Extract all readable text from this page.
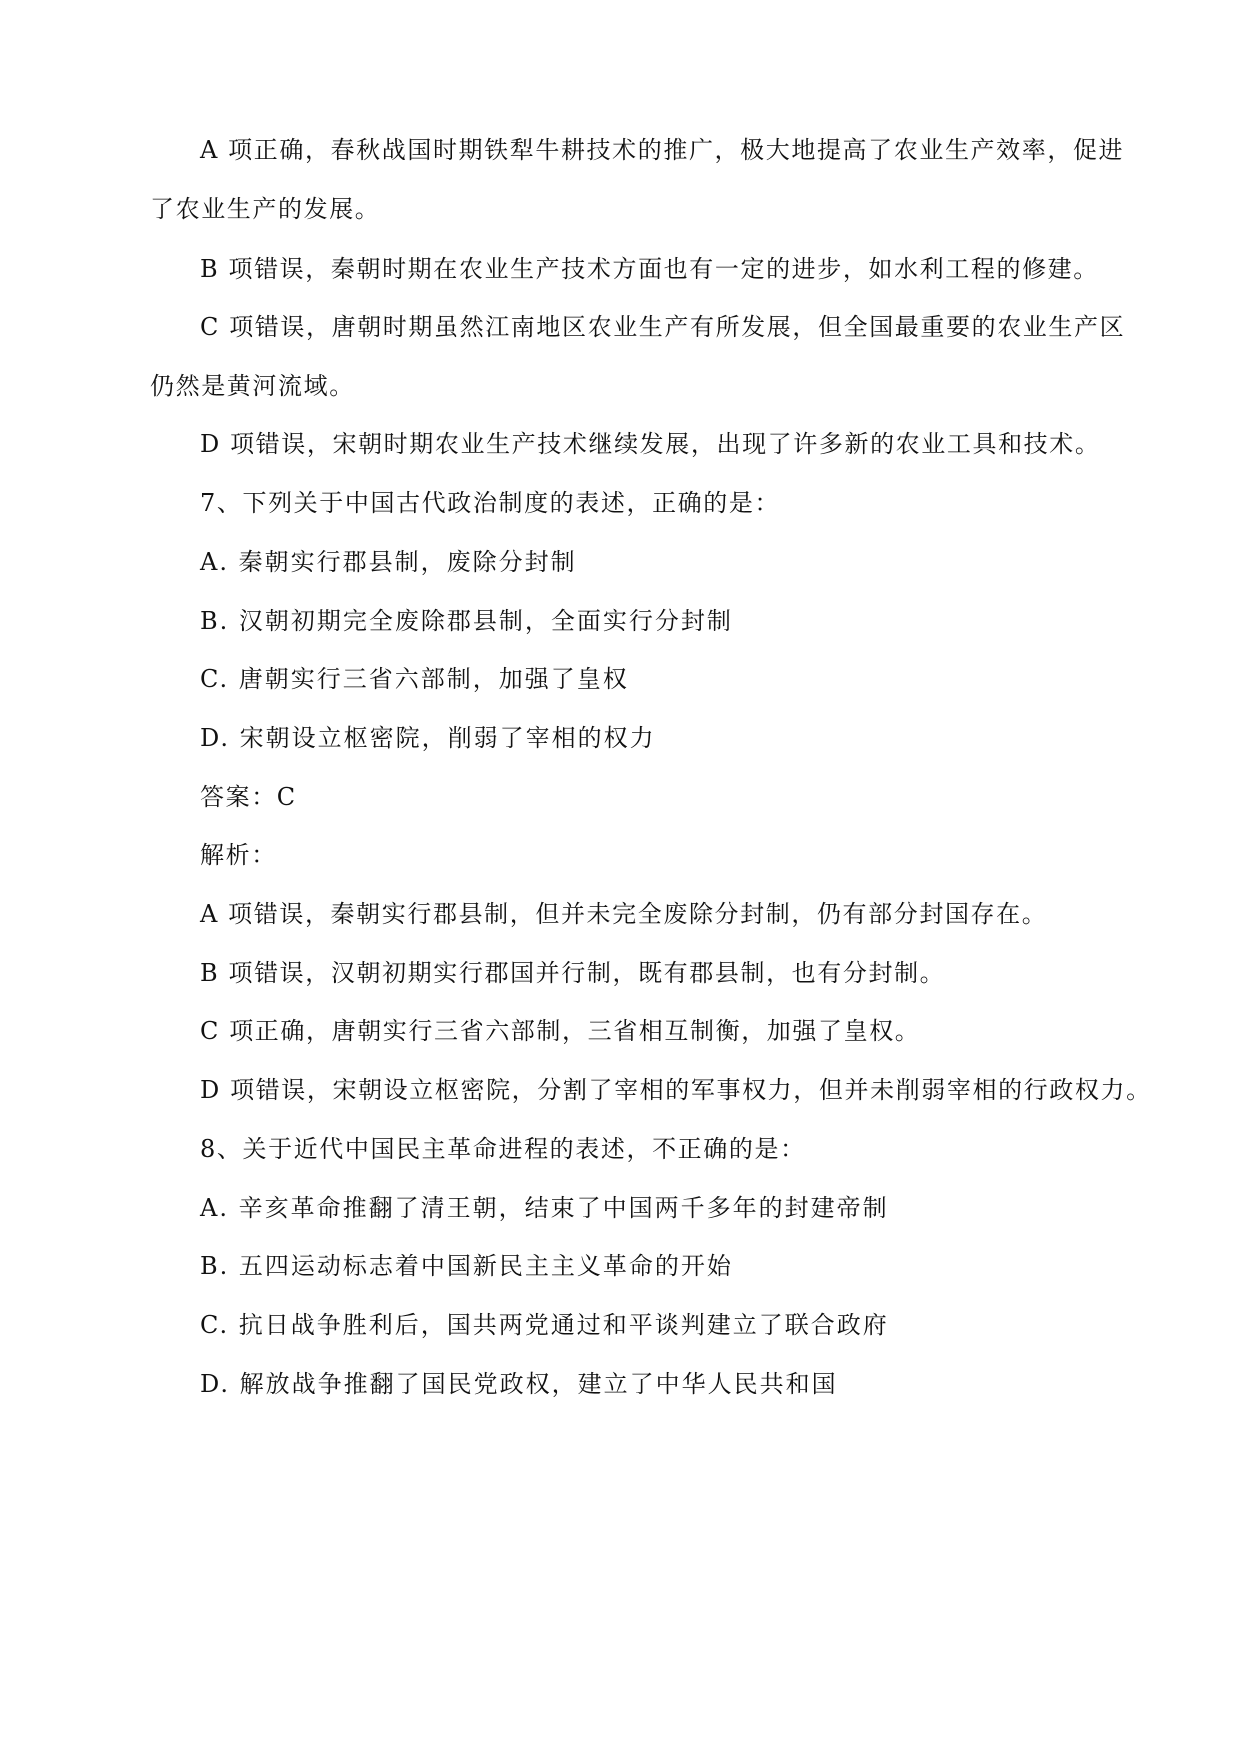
A 项正确，春秋战国时期铁犁牛耕技术的推广，极大地提高了农业生产效率，促进
了农业生产的发展。
B 项错误，秦朝时期在农业生产技术方面也有一定的进步，如水利工程的修建。
C 项错误，唐朝时期虽然江南地区农业生产有所发展，但全国最重要的农业生产区
仍然是黄河流域。
D 项错误，宋朝时期农业生产技术继续发展，出现了许多新的农业工具和技术。
7、下列关于中国古代政治制度的表述，正确的是：
A. 秦朝实行郡县制，废除分封制
B. 汉朝初期完全废除郡县制，全面实行分封制
C. 唐朝实行三省六部制，加强了皇权
D. 宋朝设立枢密院，削弱了宰相的权力
答案：C
解析：
A 项错误，秦朝实行郡县制，但并未完全废除分封制，仍有部分封国存在。
B 项错误，汉朝初期实行郡国并行制，既有郡县制，也有分封制。
C 项正确，唐朝实行三省六部制，三省相互制衡，加强了皇权。
D 项错误，宋朝设立枢密院，分割了宰相的军事权力，但并未削弱宰相的行政权力。
8、关于近代中国民主革命进程的表述，不正确的是：
A. 辛亥革命推翻了清王朝，结束了中国两千多年的封建帝制
B. 五四运动标志着中国新民主主义革命的开始
C. 抗日战争胜利后，国共两党通过和平谈判建立了联合政府
D. 解放战争推翻了国民党政权，建立了中华人民共和国
